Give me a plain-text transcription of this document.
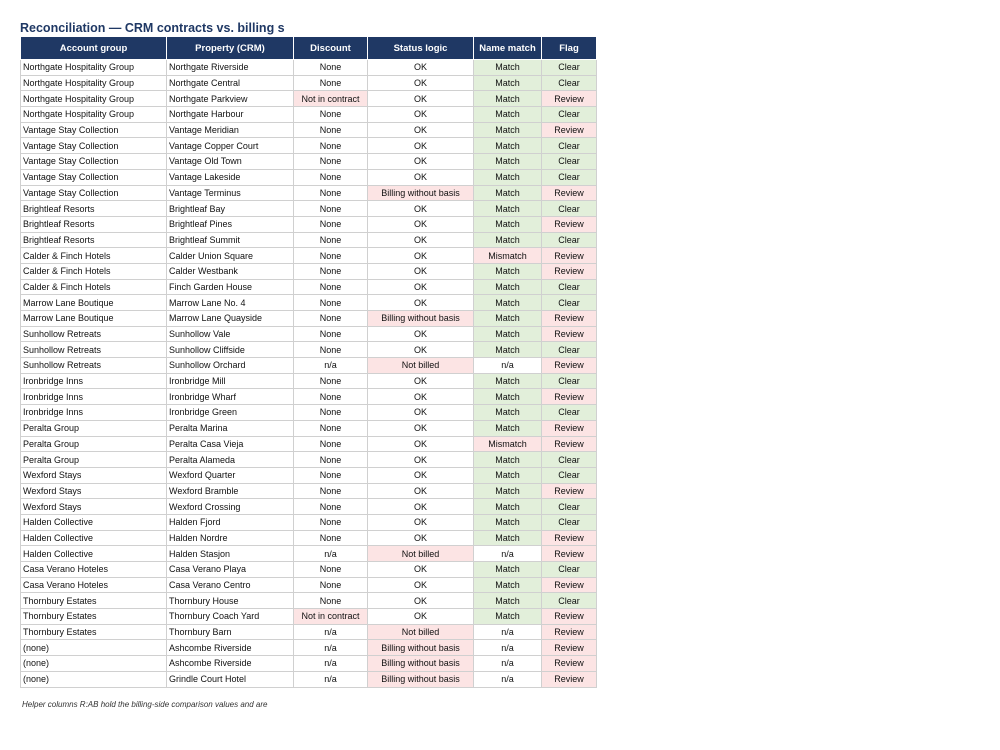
Reconciliation — CRM contracts vs. billing s
Account group	Property (CRM)	Discount	Status logic	Name match	Flag
Northgate Hospitality Group	Northgate Riverside	None	OK	Match	Clear
Northgate Hospitality Group	Northgate Central	None	OK	Match	Clear
Northgate Hospitality Group	Northgate Parkview	Not in contract	OK	Match	Review
Northgate Hospitality Group	Northgate Harbour	None	OK	Match	Clear
Vantage Stay Collection	Vantage Meridian	None	OK	Match	Review
Vantage Stay Collection	Vantage Copper Court	None	OK	Match	Clear
Vantage Stay Collection	Vantage Old Town	None	OK	Match	Clear
Vantage Stay Collection	Vantage Lakeside	None	OK	Match	Clear
Vantage Stay Collection	Vantage Terminus	None	Billing without basis	Match	Review
Brightleaf Resorts	Brightleaf Bay	None	OK	Match	Clear
Brightleaf Resorts	Brightleaf Pines	None	OK	Match	Review
Brightleaf Resorts	Brightleaf Summit	None	OK	Match	Clear
Calder & Finch Hotels	Calder Union Square	None	OK	Mismatch	Review
Calder & Finch Hotels	Calder Westbank	None	OK	Match	Review
Calder & Finch Hotels	Finch Garden House	None	OK	Match	Clear
Marrow Lane Boutique	Marrow Lane No. 4	None	OK	Match	Clear
Marrow Lane Boutique	Marrow Lane Quayside	None	Billing without basis	Match	Review
Sunhollow Retreats	Sunhollow Vale	None	OK	Match	Review
Sunhollow Retreats	Sunhollow Cliffside	None	OK	Match	Clear
Sunhollow Retreats	Sunhollow Orchard	n/a	Not billed	n/a	Review
Ironbridge Inns	Ironbridge Mill	None	OK	Match	Clear
Ironbridge Inns	Ironbridge Wharf	None	OK	Match	Review
Ironbridge Inns	Ironbridge Green	None	OK	Match	Clear
Peralta Group	Peralta Marina	None	OK	Match	Review
Peralta Group	Peralta Casa Vieja	None	OK	Mismatch	Review
Peralta Group	Peralta Alameda	None	OK	Match	Clear
Wexford Stays	Wexford Quarter	None	OK	Match	Clear
Wexford Stays	Wexford Bramble	None	OK	Match	Review
Wexford Stays	Wexford Crossing	None	OK	Match	Clear
Halden Collective	Halden Fjord	None	OK	Match	Clear
Halden Collective	Halden Nordre	None	OK	Match	Review
Halden Collective	Halden Stasjon	n/a	Not billed	n/a	Review
Casa Verano Hoteles	Casa Verano Playa	None	OK	Match	Clear
Casa Verano Hoteles	Casa Verano Centro	None	OK	Match	Review
Thornbury Estates	Thornbury House	None	OK	Match	Clear
Thornbury Estates	Thornbury Coach Yard	Not in contract	OK	Match	Review
Thornbury Estates	Thornbury Barn	n/a	Not billed	n/a	Review
(none)	Ashcombe Riverside	n/a	Billing without basis	n/a	Review
(none)	Ashcombe Riverside	n/a	Billing without basis	n/a	Review
(none)	Grindle Court Hotel	n/a	Billing without basis	n/a	Review
Helper columns R:AB hold the billing-side comparison values and are
